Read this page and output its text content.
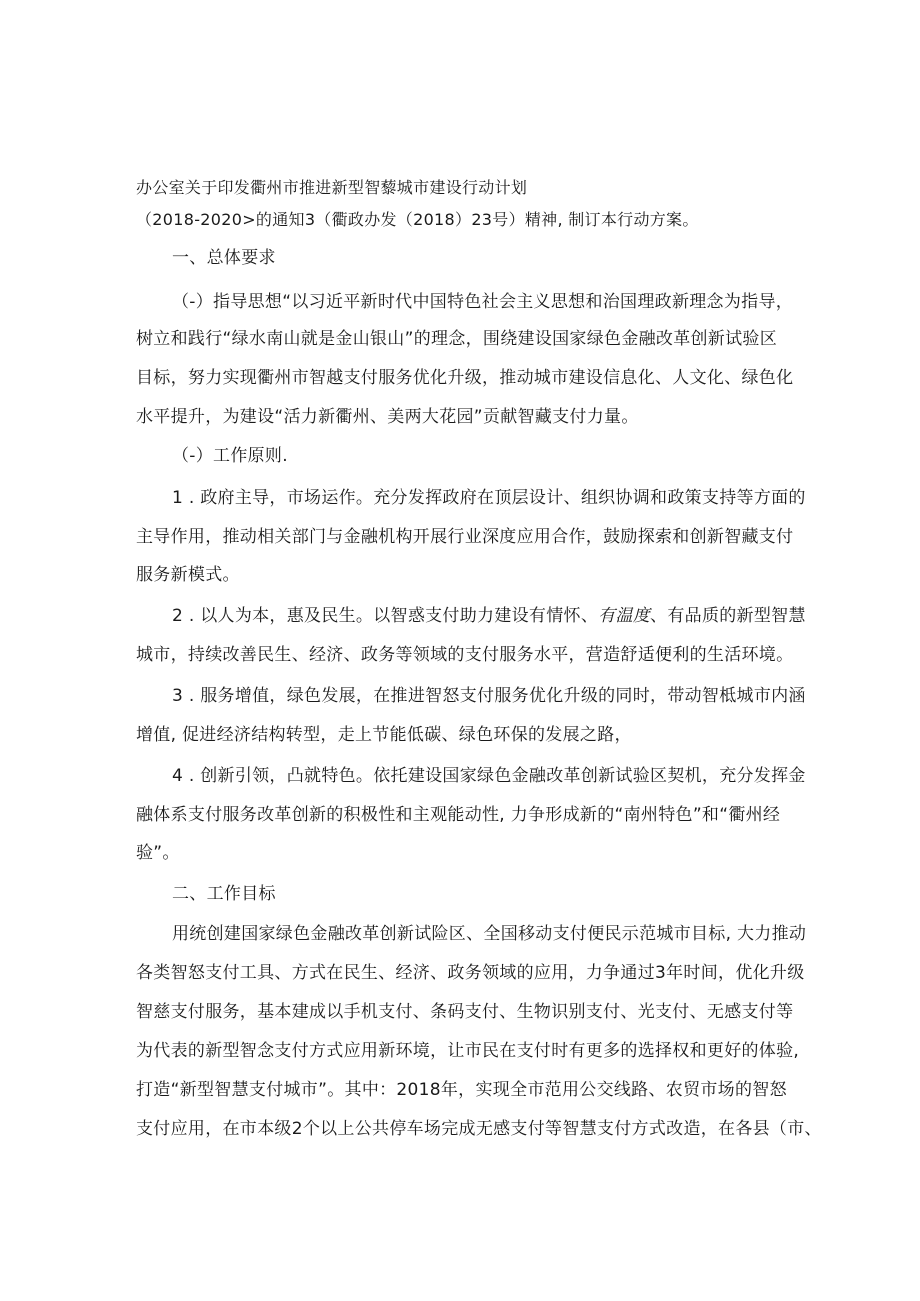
办公室关于印发衢州市推进新型智藜城市建设行动计划
（2018-2020>的通知3（衢政办发（2018）23号）精神, 制订本行动方案。
一、总体要求
（-）指导思想“以习近平新时代中国特色社会主义思想和治国理政新理念为指导，
树立和践行“绿水南山就是金山银山”的理念，围绕建设国家绿色金融改革创新试验区
目标，努力实现衢州市智越支付服务优化升级，推动城市建设信息化、人文化、绿色化
水平提升，为建设“活力新衢州、美两大花园”贡献智藏支付力量。
（-）工作原则.
1 . 政府主导，市场运作。充分发挥政府在顶层设计、组织协调和政策支持等方面的
主导作用，推动相关部门与金融机构开展行业深度应用合作，鼓励探索和创新智藏支付
服务新模式。
2 . 以人为本，惠及民生。以智惑支付助力建设有情怀、有温度、有品质的新型智慧
城市，持续改善民生、经济、政务等领域的支付服务水平，营造舒适便利的生活环境。
3 . 服务增值，绿色发展，在推进智怒支付服务优化升级的同时，带动智柢城市内涵
增值, 促进经济结构转型，走上节能低碳、绿色环保的发展之路，
4 . 创新引领，凸就特色。依托建设国家绿色金融改革创新试验区契机，充分发挥金
融体系支付服务改革创新的积极性和主观能动性, 力争形成新的“南州特色”和“衢州经
验”。
二、工作目标
用统创建国家绿色金融改革创新试险区、全国移动支付便民示范城市目标, 大力推动
各类智怒支付工具、方式在民生、经济、政务领域的应用，力争通过3年时间，优化升级
智慈支付服务，基本建成以手机支付、条码支付、生物识别支付、光支付、无感支付等
为代表的新型智念支付方式应用新环境，让市民在支付时有更多的选择权和更好的体验,
打造“新型智慧支付城市”。其中：2018年，实现全市范用公交线路、农贸市场的智怒
支付应用，在市本级2个以上公共停车场完成无感支付等智慧支付方式改造，在各县（市、
